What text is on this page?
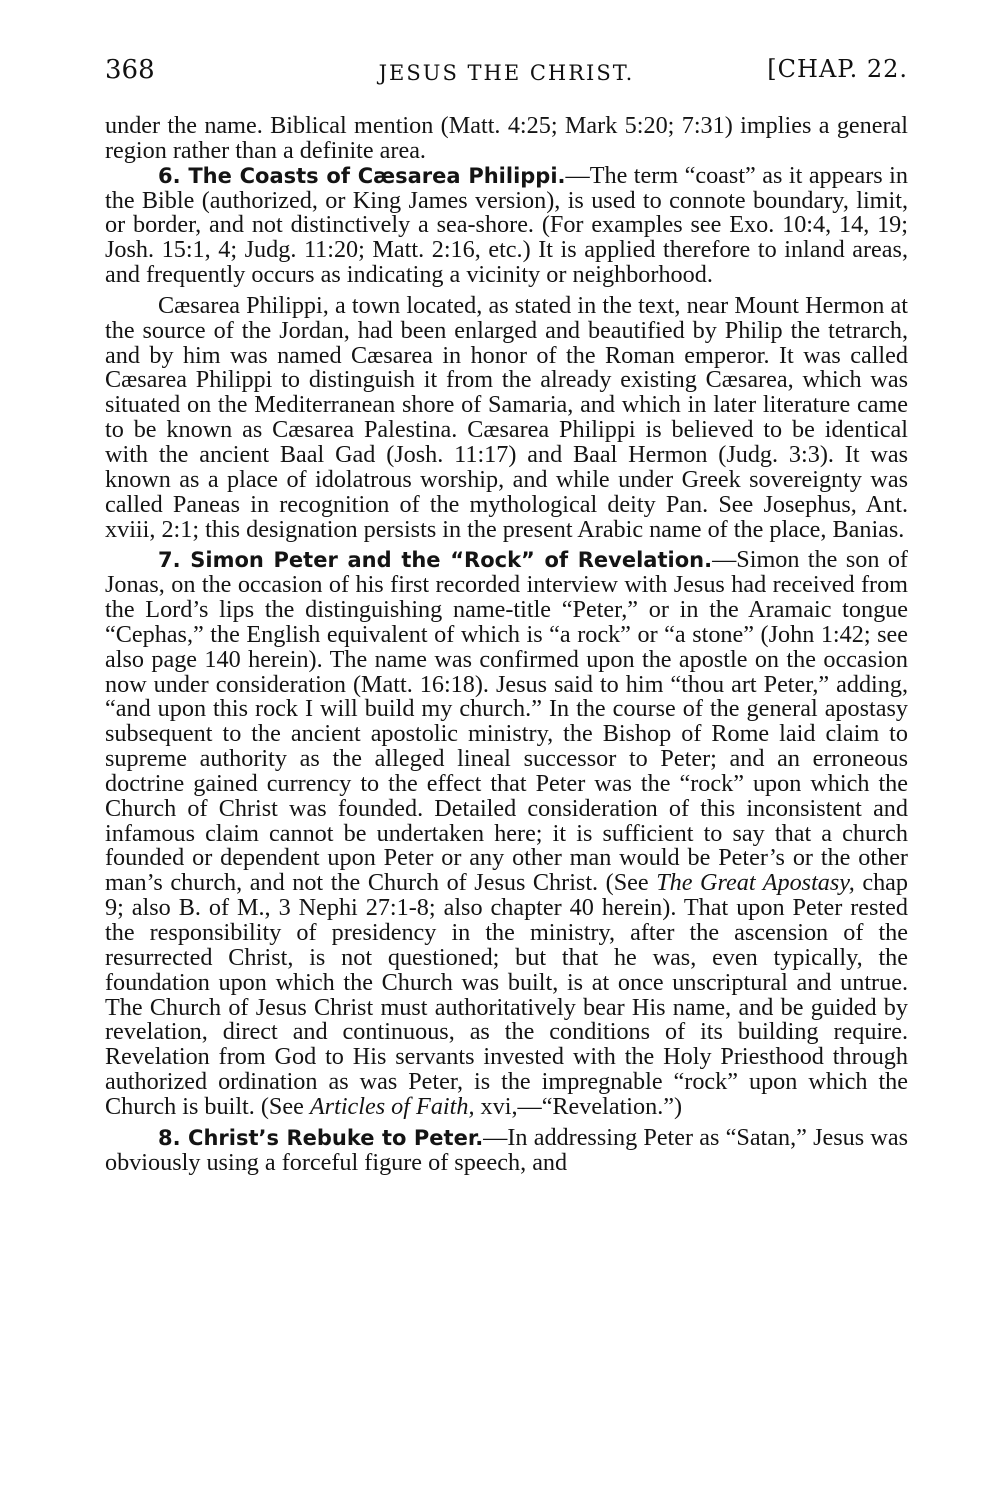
368	JESUS THE CHRIST.	[CHAP. 22.

under the name. Biblical mention (Matt. 4:25; Mark 5:20; 7:31) implies a general region rather than a definite area.

6. The Coasts of Cæsarea Philippi.—The term “coast” as it appears in the Bible (authorized, or King James version), is used to connote boundary, limit, or border, and not distinctively a sea-shore. (For examples see Exo. 10:4, 14, 19; Josh. 15:1, 4; Judg. 11:20; Matt. 2:16, etc.) It is applied therefore to inland areas, and frequently occurs as indicating a vicinity or neighborhood.

Cæsarea Philippi, a town located, as stated in the text, near Mount Hermon at the source of the Jordan, had been enlarged and beautified by Philip the tetrarch, and by him was named Cæsarea in honor of the Roman emperor. It was called Cæsarea Philippi to distinguish it from the already existing Cæsarea, which was situated on the Mediterranean shore of Samaria, and which in later literature came to be known as Cæsarea Palestina. Cæsarea Philippi is believed to be identical with the ancient Baal Gad (Josh. 11:17) and Baal Hermon (Judg. 3:3). It was known as a place of idolatrous worship, and while under Greek sovereignty was called Paneas in recognition of the mythological deity Pan. See Josephus, Ant. xviii, 2:1; this designation persists in the present Arabic name of the place, Banias.

7. Simon Peter and the “Rock” of Revelation.—Simon the son of Jonas, on the occasion of his first recorded interview with Jesus had received from the Lord’s lips the distinguishing name-title “Peter,” or in the Aramaic tongue “Cephas,” the English equivalent of which is “a rock” or “a stone” (John 1:42; see also page 140 herein). The name was confirmed upon the apostle on the occasion now under consideration (Matt. 16:18). Jesus said to him “thou art Peter,” adding, “and upon this rock I will build my church.” In the course of the general apostasy subsequent to the ancient apostolic ministry, the Bishop of Rome laid claim to supreme authority as the alleged lineal successor to Peter; and an erroneous doctrine gained currency to the effect that Peter was the “rock” upon which the Church of Christ was founded. Detailed consideration of this inconsistent and infamous claim cannot be undertaken here; it is sufficient to say that a church founded or dependent upon Peter or any other man would be Peter’s or the other man’s church, and not the Church of Jesus Christ. (See The Great Apostasy, chap 9; also B. of M., 3 Nephi 27:1-8; also chapter 40 herein). That upon Peter rested the responsibility of presidency in the ministry, after the ascension of the resurrected Christ, is not questioned; but that he was, even typically, the foundation upon which the Church was built, is at once unscriptural and untrue. The Church of Jesus Christ must authoritatively bear His name, and be guided by revelation, direct and continuous, as the conditions of its building require. Revelation from God to His servants invested with the Holy Priesthood through authorized ordination as was Peter, is the impregnable “rock” upon which the Church is built. (See Articles of Faith, xvi,—“Revelation.”)

8. Christ’s Rebuke to Peter.—In addressing Peter as “Satan,” Jesus was obviously using a forceful figure of speech, and
